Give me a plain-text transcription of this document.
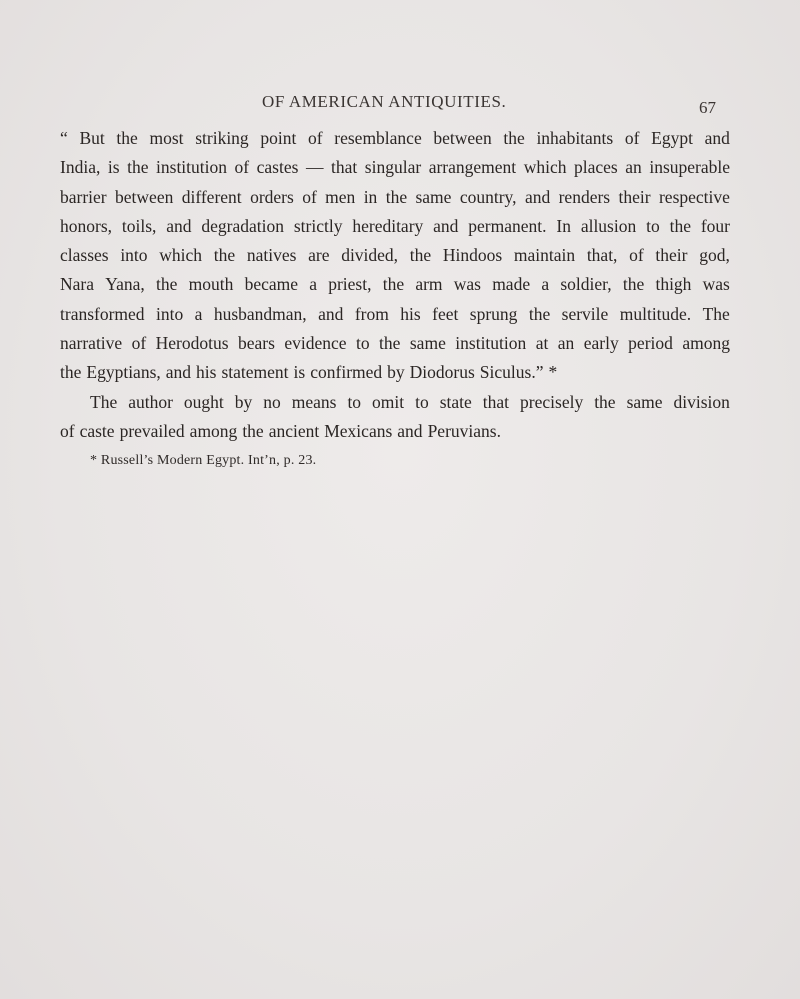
OF AMERICAN ANTIQUITIES.	67
“ But the most striking point of resemblance between the inhabitants of Egypt and
India, is the institution of castes — that singular arrangement which places an insuperable
barrier between different orders of men in the same country, and renders their respective
honors, toils, and degradation strictly hereditary and permanent. In allusion to the four
classes into which the natives are divided, the Hindoos maintain that, of their god,
Nara Yana, the mouth became a priest, the arm was made a soldier, the thigh was
transformed into a husbandman, and from his feet sprung the servile multitude. The
narrative of Herodotus bears evidence to the same institution at an early period among
the Egyptians, and his statement is confirmed by Diodorus Siculus.” *
The author ought by no means to omit to state that precisely the same division
of caste prevailed among the ancient Mexicans and Peruvians.
* Russell’s Modern Egypt. Int’n, p. 23.
